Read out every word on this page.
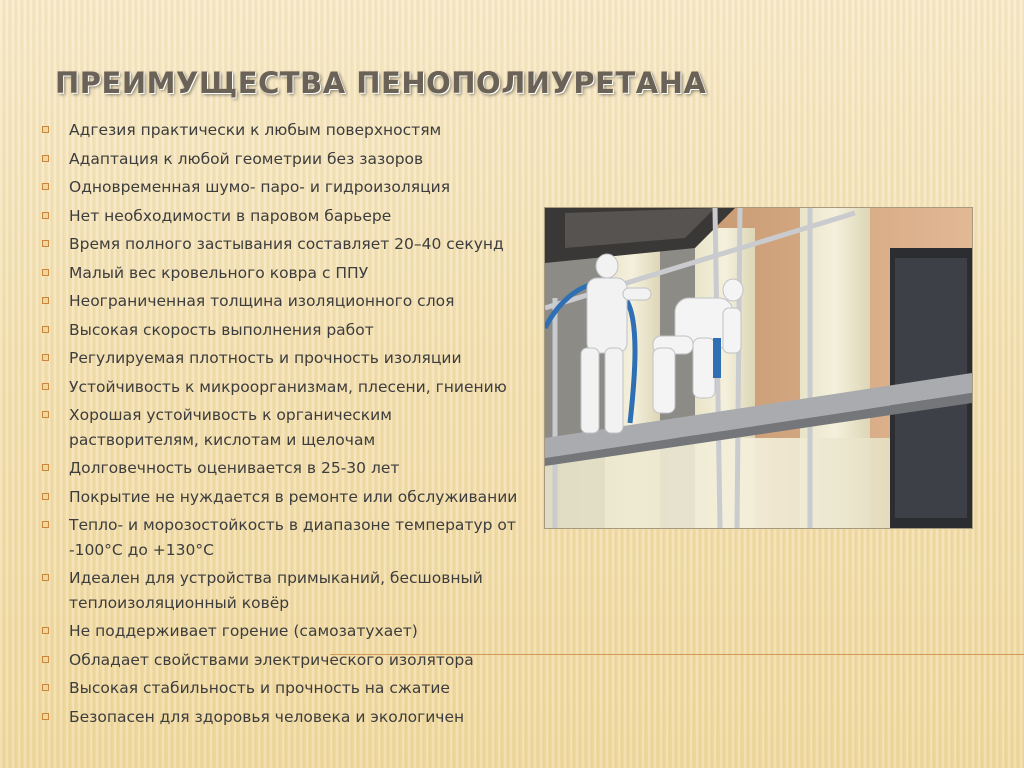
ПРЕИМУЩЕСТВА ПЕНОПОЛИУРЕТАНА
Адгезия практически к любым поверхностям
Адаптация к любой геометрии без зазоров
Одновременная шумо- паро- и гидроизоляция
Нет необходимости в паровом барьере
Время полного застывания составляет 20–40 секунд
Малый вес кровельного ковра с ППУ
Неограниченная толщина изоляционного слоя
Высокая скорость выполнения работ
Регулируемая плотность и прочность изоляции
Устойчивость к микроорганизмам, плесени, гниению
Хорошая устойчивость к органическим
растворителям, кислотам и щелочам
Долговечность оценивается в 25-30 лет
Покрытие не нуждается в ремонте или обслуживании
Тепло- и морозостойкость в диапазоне температур от
-100°С до +130°С
Идеален для устройства примыканий, бесшовный
теплоизоляционный ковёр
Не поддерживает горение (самозатухает)
Обладает свойствами электрического изолятора
Высокая стабильность и прочность на сжатие
Безопасен для здоровья человека и экологичен
